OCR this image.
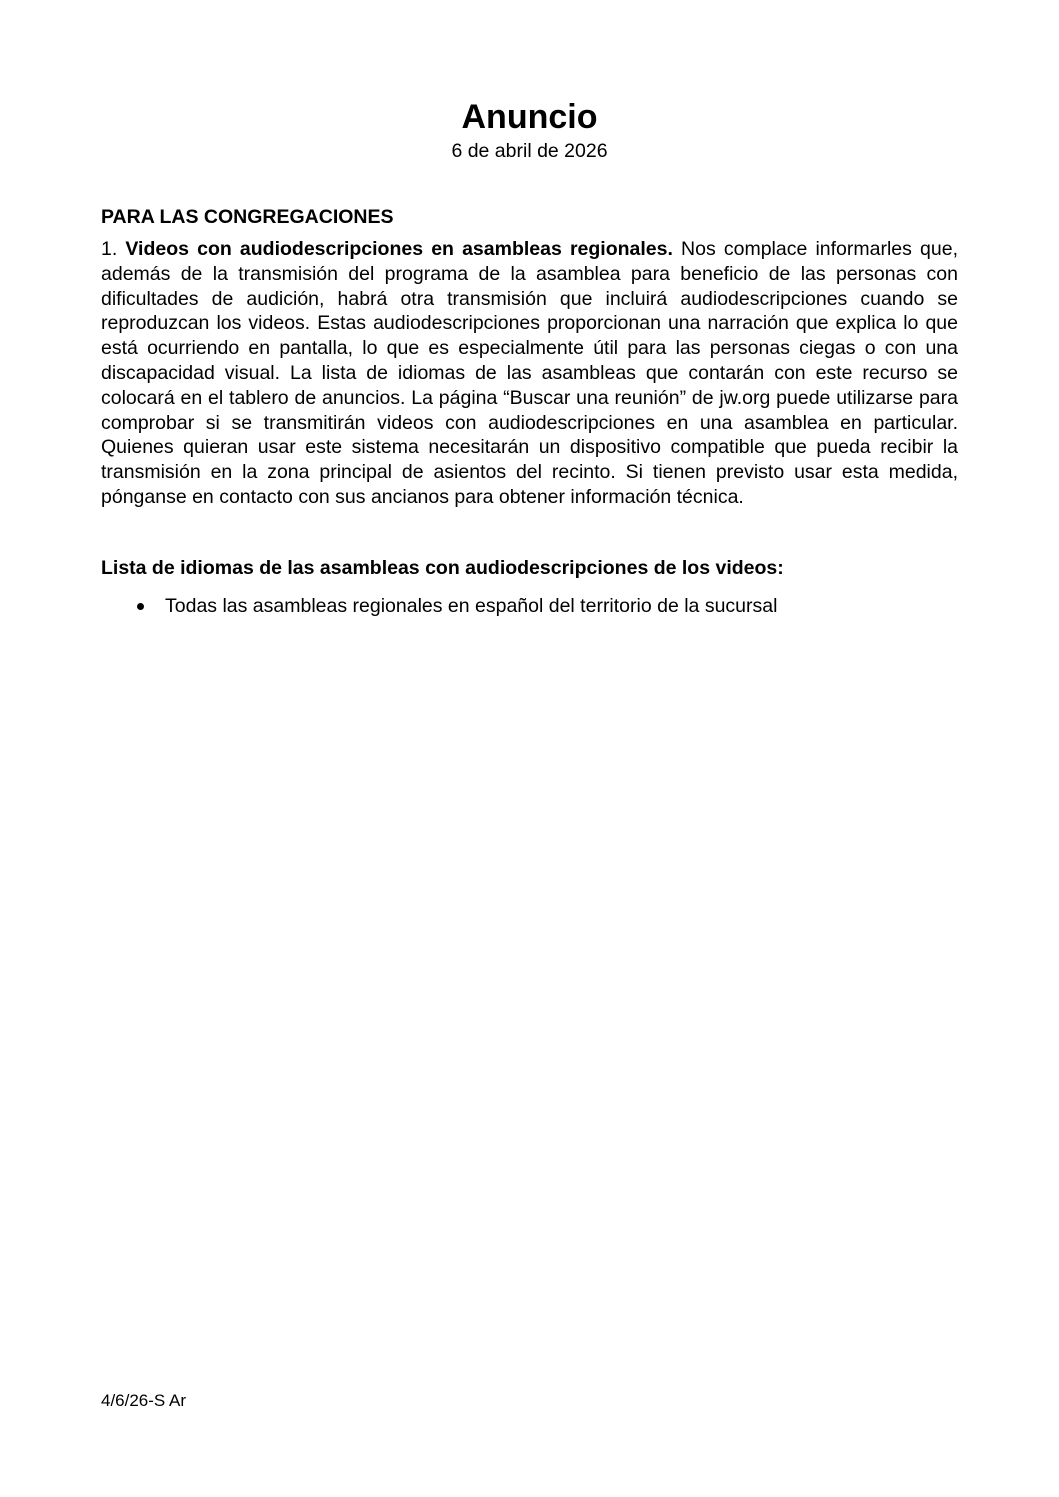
Anuncio
6 de abril de 2026
PARA LAS CONGREGACIONES
1. Videos con audiodescripciones en asambleas regionales. Nos complace informarles que, además de la transmisión del programa de la asamblea para beneficio de las personas con dificultades de audición, habrá otra transmisión que incluirá audiodescripciones cuando se reproduzcan los videos. Estas audiodescripciones proporcionan una narración que explica lo que está ocurriendo en pantalla, lo que es especialmente útil para las personas ciegas o con una discapacidad visual. La lista de idiomas de las asambleas que contarán con este recurso se colocará en el tablero de anuncios. La página “Buscar una reunión” de jw.org puede utilizarse para comprobar si se transmitirán videos con audiodescripciones en una asamblea en particular. Quienes quieran usar este sistema necesitarán un dispositivo compatible que pueda recibir la transmisión en la zona principal de asientos del recinto. Si tienen previsto usar esta medida, pónganse en contacto con sus ancianos para obtener información técnica.
Lista de idiomas de las asambleas con audiodescripciones de los videos:
Todas las asambleas regionales en español del territorio de la sucursal
4/6/26-S Ar
